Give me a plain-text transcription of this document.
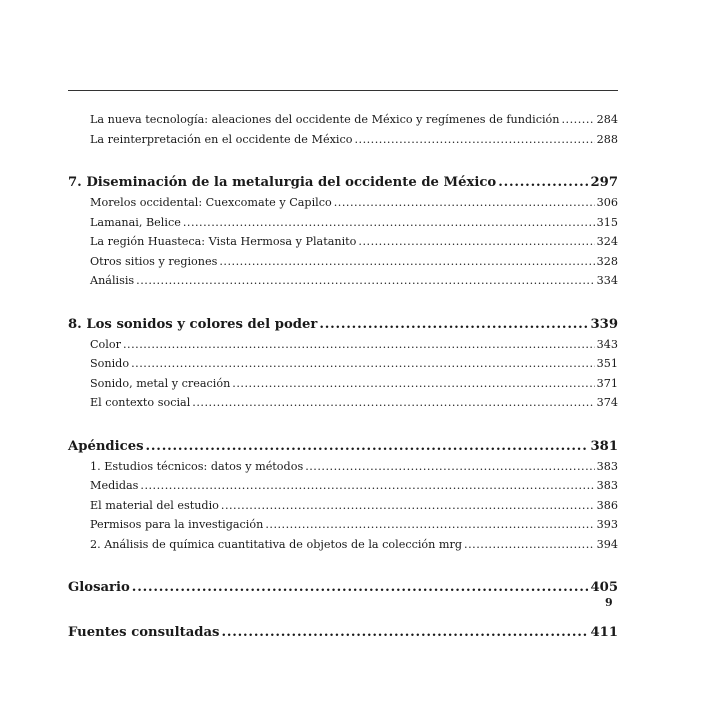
La nueva tecnología: aleaciones del occidente de México y regímenes de fundición .....	284
La reinterpretación en el occidente de México .....	288
7. Diseminación de la metalurgia del occidente de México .....	297
Morelos occidental: Cuexcomate y Capilco .....	306
Lamanai, Belice .....	315
La región Huasteca: Vista Hermosa y Platanito .....	324
Otros sitios y regiones .....	328
Análisis .....	334
8. Los sonidos y colores del poder .....	339
Color .....	343
Sonido .....	351
Sonido, metal y creación .....	371
El contexto social .....	374
Apéndices .....	381
1. Estudios técnicos: datos y métodos .....	383
Medidas .....	383
El material del estudio .....	386
Permisos para la investigación .....	393
2. Análisis de química cuantitativa de objetos de la colección mrg .....	394
Glosario .....	405
Fuentes consultadas .....	411
9
